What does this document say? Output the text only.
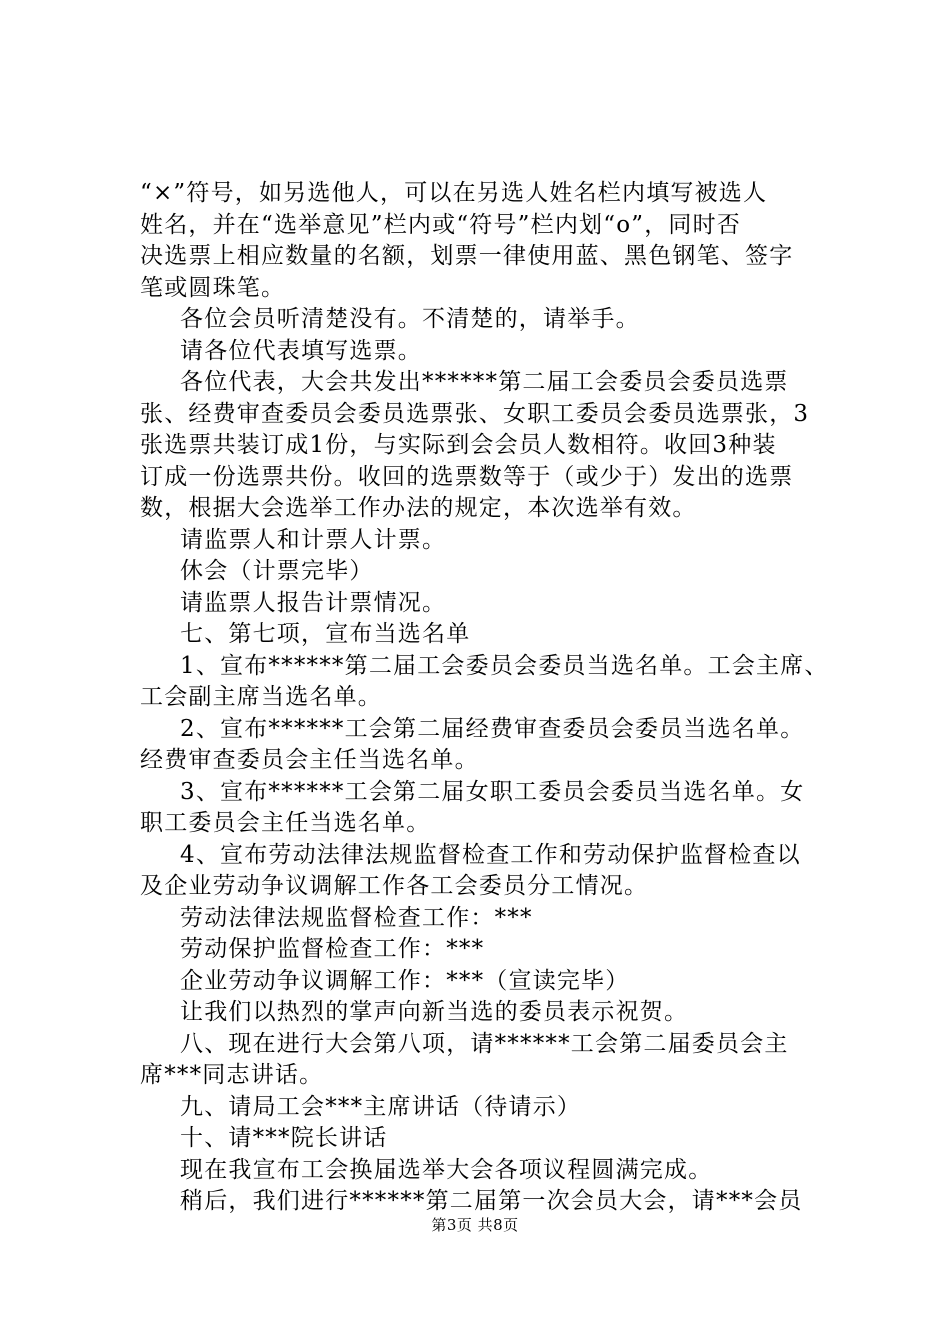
“×”符号，如另选他人，可以在另选人姓名栏内填写被选人
姓名，并在“选举意见”栏内或“符号”栏内划“o”，同时否
决选票上相应数量的名额，划票一律使用蓝、黑色钢笔、签字
笔或圆珠笔。
各位会员听清楚没有。不清楚的，请举手。
请各位代表填写选票。
各位代表，大会共发出******第二届工会委员会委员选票
张、经费审查委员会委员选票张、女职工委员会委员选票张，3
张选票共装订成1份，与实际到会会员人数相符。收回3种装
订成一份选票共份。收回的选票数等于（或少于）发出的选票
数，根据大会选举工作办法的规定，本次选举有效。
请监票人和计票人计票。
休会（计票完毕）
请监票人报告计票情况。
七、第七项，宣布当选名单
1、宣布******第二届工会委员会委员当选名单。工会主席、
工会副主席当选名单。
2、宣布******工会第二届经费审查委员会委员当选名单。
经费审查委员会主任当选名单。
3、宣布******工会第二届女职工委员会委员当选名单。女
职工委员会主任当选名单。
4、宣布劳动法律法规监督检查工作和劳动保护监督检查以
及企业劳动争议调解工作各工会委员分工情况。
劳动法律法规监督检查工作：***
劳动保护监督检查工作：***
企业劳动争议调解工作：***（宣读完毕）
让我们以热烈的掌声向新当选的委员表示祝贺。
八、现在进行大会第八项，请******工会第二届委员会主
席***同志讲话。
九、请局工会***主席讲话（待请示）
十、请***院长讲话
现在我宣布工会换届选举大会各项议程圆满完成。
稍后，我们进行******第二届第一次会员大会，请***会员
第3页 共8页
